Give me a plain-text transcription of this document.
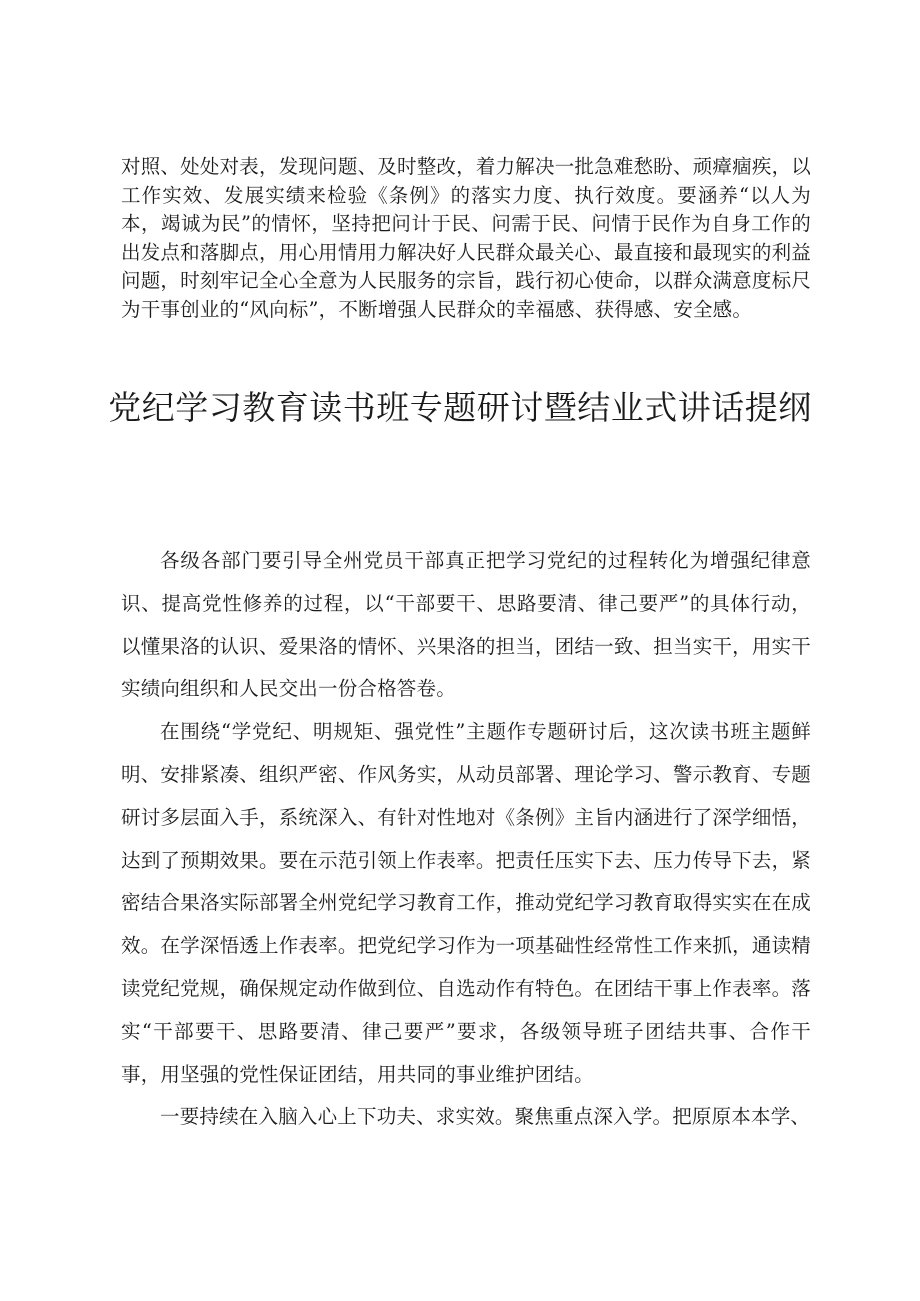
对照、处处对表，发现问题、及时整改，着力解决一批急难愁盼、顽瘴痼疾，以工作实效、发展实绩来检验《条例》的落实力度、执行效度。要涵养“以人为本，竭诚为民”的情怀，坚持把问计于民、问需于民、问情于民作为自身工作的出发点和落脚点，用心用情用力解决好人民群众最关心、最直接和最现实的利益问题，时刻牢记全心全意为人民服务的宗旨，践行初心使命，以群众满意度标尺为干事创业的“风向标”，不断增强人民群众的幸福感、获得感、安全感。

党纪学习教育读书班专题研讨暨结业式讲话提纲

各级各部门要引导全州党员干部真正把学习党纪的过程转化为增强纪律意识、提高党性修养的过程，以“干部要干、思路要清、律己要严”的具体行动，以懂果洛的认识、爱果洛的情怀、兴果洛的担当，团结一致、担当实干，用实干实绩向组织和人民交出一份合格答卷。

在围绕“学党纪、明规矩、强党性”主题作专题研讨后，这次读书班主题鲜明、安排紧凑、组织严密、作风务实，从动员部署、理论学习、警示教育、专题研讨多层面入手，系统深入、有针对性地对《条例》主旨内涵进行了深学细悟，达到了预期效果。要在示范引领上作表率。把责任压实下去、压力传导下去，紧密结合果洛实际部署全州党纪学习教育工作，推动党纪学习教育取得实实在在成效。在学深悟透上作表率。把党纪学习作为一项基础性经常性工作来抓，通读精读党纪党规，确保规定动作做到位、自选动作有特色。在团结干事上作表率。落实“干部要干、思路要清、律己要严”要求，各级领导班子团结共事、合作干事，用坚强的党性保证团结，用共同的事业维护团结。

一要持续在入脑入心上下功夫、求实效。聚焦重点深入学。把原原本本学、
